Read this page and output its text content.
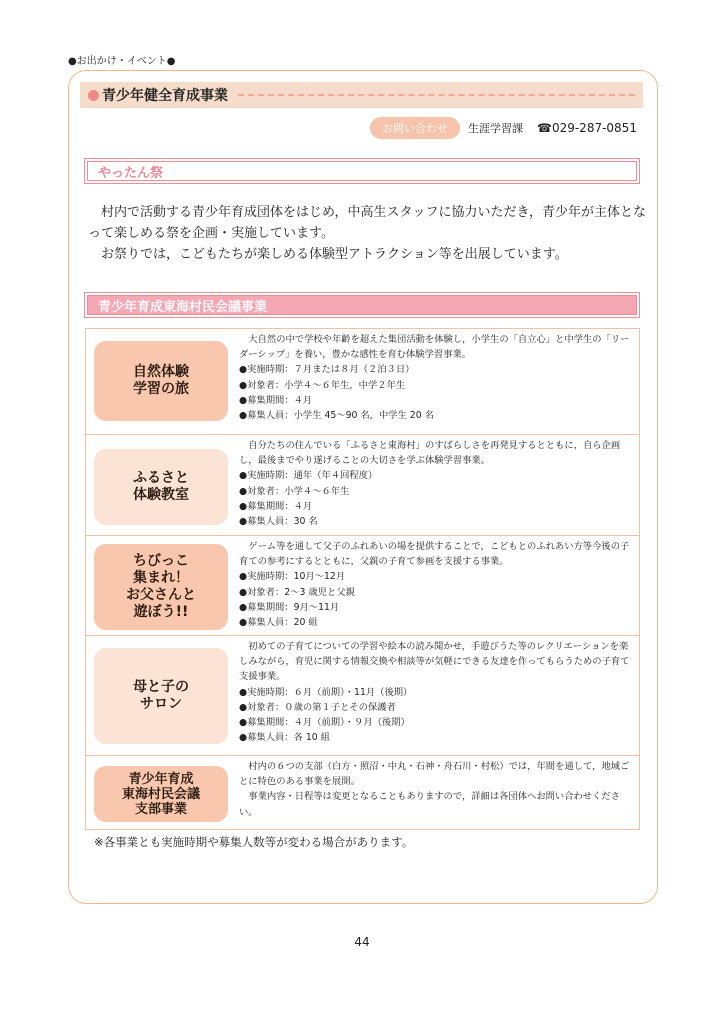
●お出かけ・イベント●
青少年健全育成事業
お問い合わせ	生涯学習課 ☎029-287-0851
やったん祭

村内で活動する青少年育成団体をはじめ，中高生スタッフに協力いただき，青少年が主体となって楽しめる祭を企画・実施しています。

お祭りでは，こどもたちが楽しめる体験型アトラクション等を出展しています。

青少年育成東海村民会議事業
自然体験
学習の旅
大自然の中で学校や年齢を超えた集団活動を体験し，小学生の「自立心」と中学生の「リーダーシップ」を養い，豊かな感性を育む体験学習事業。
●実施時期：７月または８月（２泊３日）
●対象者：小学４～６年生，中学２年生
●募集期間：４月
●募集人員：小学生 45～90 名，中学生 20 名
ふるさと
体験教室
自分たちの住んでいる「ふるさと東海村」のすばらしさを再発見するとともに，自ら企画し，最後までやり遂げることの大切さを学ぶ体験学習事業。
●実施時期：通年（年４回程度）
●対象者：小学４～６年生
●募集期間：４月
●募集人員：30 名
ちびっこ
集まれ！
お父さんと
遊ぼう!!
ゲーム等を通して父子のふれあいの場を提供することで，こどもとのふれあい方等今後の子育ての参考にするとともに，父親の子育て参画を支援する事業。
●実施時期：10月～12月
●対象者：2～3 歳児と父親
●募集期間：9月～11月
●募集人員：20 組
母と子の
サロン
初めての子育てについての学習や絵本の読み聞かせ，手遊びうた等のレクリエーションを楽しみながら，育児に関する情報交換や相談等が気軽にできる友達を作ってもらうための子育て支援事業。
●実施時期：６月（前期）・11月（後期）
●対象者：０歳の第１子とその保護者
●募集期間：４月（前期）・９月（後期）
●募集人員：各 10 組
青少年育成
東海村民会議
支部事業
村内の６つの支部（白方・照沼・中丸・石神・舟石川・村松）では，年間を通して，地域ごとに特色のある事業を展開。
事業内容・日程等は変更となることもありますので，詳細は各団体へお問い合わせください。
※各事業とも実施時期や募集人数等が変わる場合があります。
44
